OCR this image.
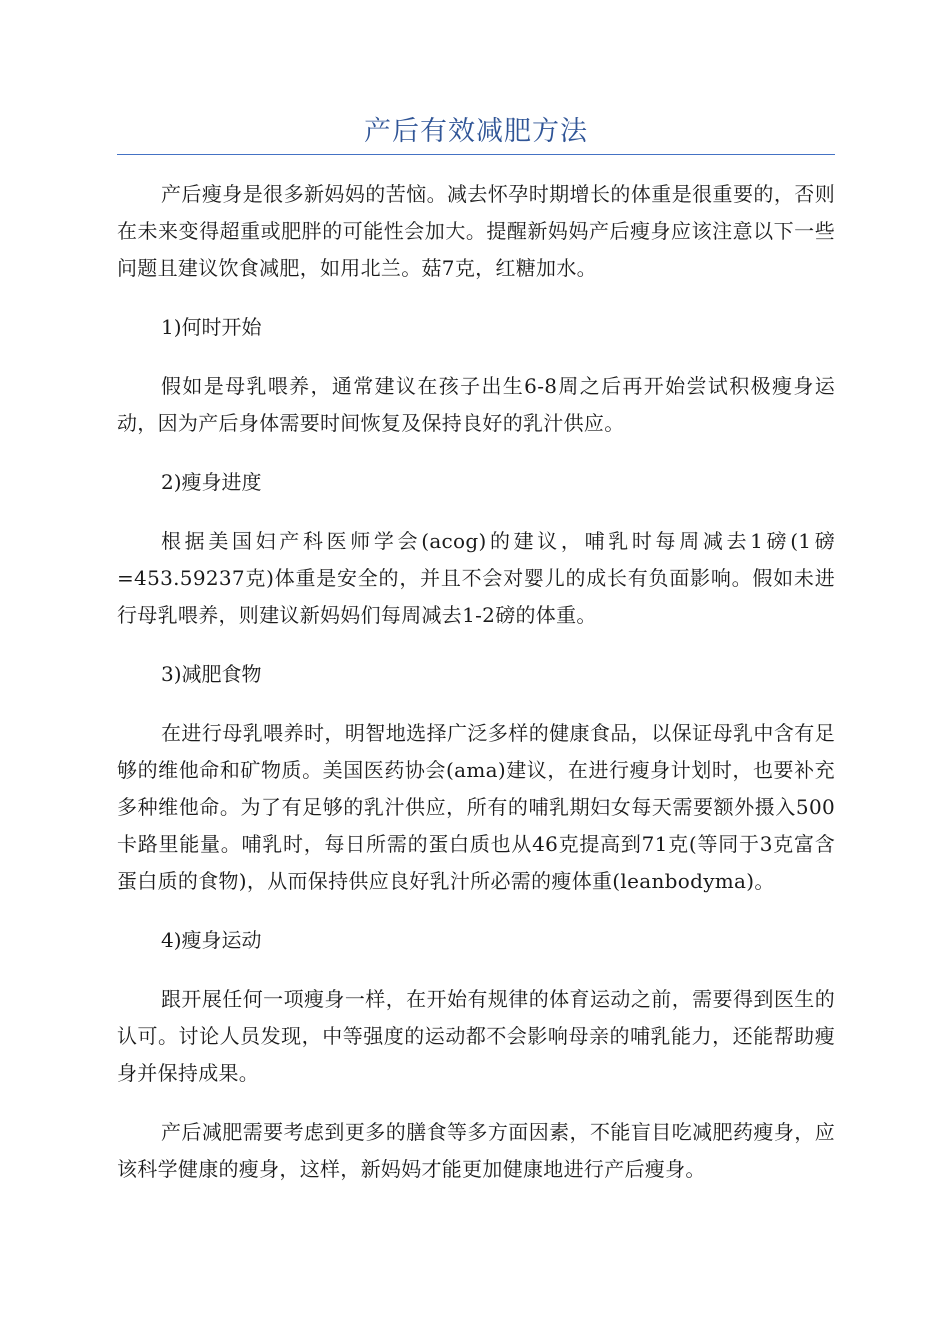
产后有效减肥方法

产后瘦身是很多新妈妈的苦恼。减去怀孕时期增长的体重是很重要的，否则在未来变得超重或肥胖的可能性会加大。提醒新妈妈产后瘦身应该注意以下一些问题且建议饮食减肥，如用北兰。菇7克，红糖加水。

1)何时开始

假如是母乳喂养，通常建议在孩子出生6-8周之后再开始尝试积极瘦身运动，因为产后身体需要时间恢复及保持良好的乳汁供应。

2)瘦身进度

根据美国妇产科医师学会(acog)的建议，哺乳时每周减去1磅(1磅=453.59237克)体重是安全的，并且不会对婴儿的成长有负面影响。假如未进行母乳喂养，则建议新妈妈们每周减去1-2磅的体重。

3)减肥食物

在进行母乳喂养时，明智地选择广泛多样的健康食品，以保证母乳中含有足够的维他命和矿物质。美国医药协会(ama)建议，在进行瘦身计划时，也要补充多种维他命。为了有足够的乳汁供应，所有的哺乳期妇女每天需要额外摄入500卡路里能量。哺乳时，每日所需的蛋白质也从46克提高到71克(等同于3克富含蛋白质的食物)，从而保持供应良好乳汁所必需的瘦体重(leanbodyma)。

4)瘦身运动

跟开展任何一项瘦身一样，在开始有规律的体育运动之前，需要得到医生的认可。讨论人员发现，中等强度的运动都不会影响母亲的哺乳能力，还能帮助瘦身并保持成果。

产后减肥需要考虑到更多的膳食等多方面因素，不能盲目吃减肥药瘦身，应该科学健康的瘦身，这样，新妈妈才能更加健康地进行产后瘦身。
